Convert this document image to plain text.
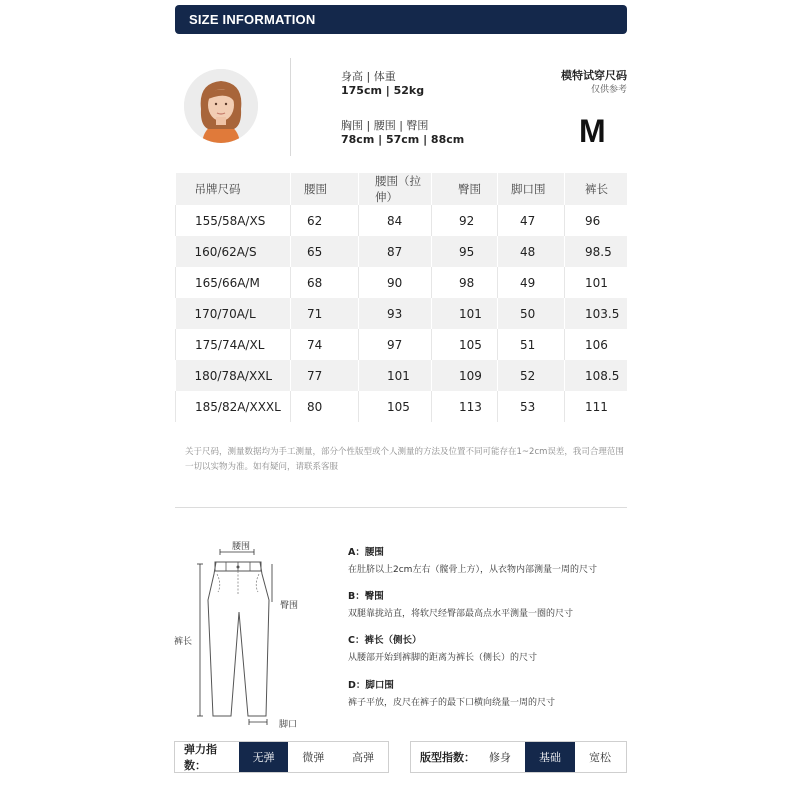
SIZE INFORMATION
身高 | 体重
175cm | 52kg
胸围 | 腰围 | 臀围
78cm | 57cm | 88cm
模特试穿尺码
仅供参考
M
吊牌尺码	腰围	腰围（拉伸）	臀围	脚口围	裤长
155/58A/XS	62	84	92	47	96
160/62A/S	65	87	95	48	98.5
165/66A/M	68	90	98	49	101
170/70A/L	71	93	101	50	103.5
175/74A/XL	74	97	105	51	106
180/78A/XXL	77	101	109	52	108.5
185/82A/XXXL	80	105	113	53	111
关于尺码，测量数据均为手工测量，部分个性版型或个人测量的方法及位置不同可能存在1~2cm误差，我司合理范围一切以实物为准。如有疑问，请联系客服
腰围
臀围
裤长
脚口
A：腰围
在肚脐以上2cm左右（髋骨上方），从衣物内部测量一周的尺寸
B：臀围
双腿靠拢站直，将软尺经臀部最高点水平测量一圈的尺寸
C：裤长（侧长）
从腰部开始到裤脚的距离为裤长（侧长）的尺寸
D：脚口围
裤子平放，皮尺在裤子的最下口横向绕量一周的尺寸
弹力指数：
无弹	微弹	高弹	版型指数：	修身	基础	宽松
